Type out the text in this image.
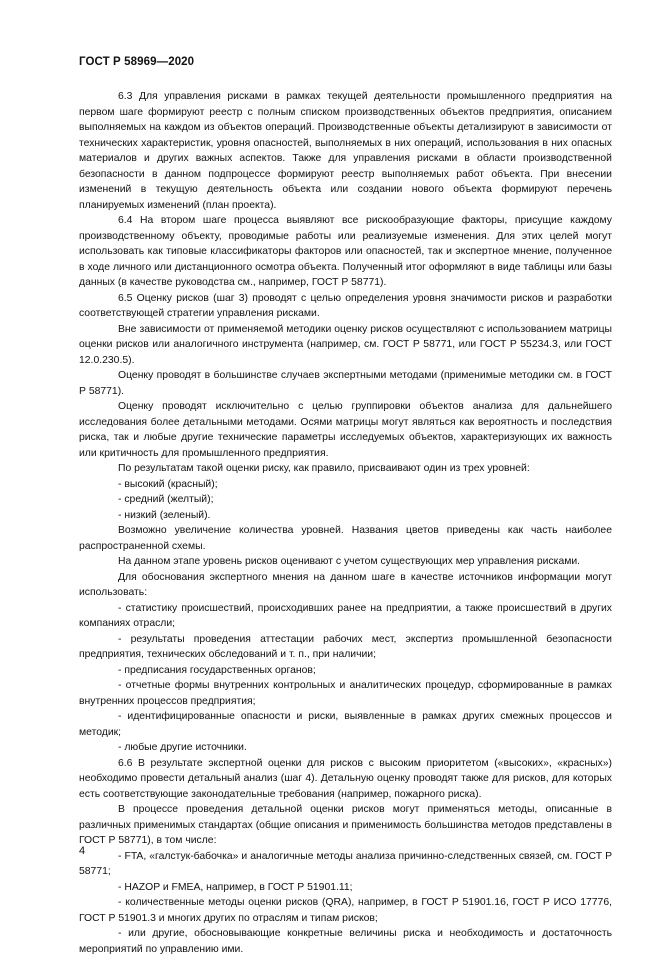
ГОСТ Р 58969—2020

6.3 Для управления рисками в рамках текущей деятельности промышленного предприятия на первом шаге формируют реестр с полным списком производственных объектов предприятия, описанием выполняемых на каждом из объектов операций. Производственные объекты детализируют в зависимости от технических характеристик, уровня опасностей, выполняемых в них операций, использования в них опасных материалов и других важных аспектов. Также для управления рисками в области производственной безопасности в данном подпроцессе формируют реестр выполняемых работ объекта. При внесении изменений в текущую деятельность объекта или создании нового объекта формируют перечень планируемых изменений (план проекта).

6.4 На втором шаге процесса выявляют все рискообразующие факторы, присущие каждому производственному объекту, проводимые работы или реализуемые изменения. Для этих целей могут использовать как типовые классификаторы факторов или опасностей, так и экспертное мнение, полученное в ходе личного или дистанционного осмотра объекта. Полученный итог оформляют в виде таблицы или базы данных (в качестве руководства см., например, ГОСТ Р 58771).

6.5 Оценку рисков (шаг 3) проводят с целью определения уровня значимости рисков и разработки соответствующей стратегии управления рисками.

Вне зависимости от применяемой методики оценку рисков осуществляют с использованием матрицы оценки рисков или аналогичного инструмента (например, см. ГОСТ Р 58771, или ГОСТ Р 55234.3, или ГОСТ 12.0.230.5).

Оценку проводят в большинстве случаев экспертными методами (применимые методики см. в ГОСТ Р 58771).

Оценку проводят исключительно с целью группировки объектов анализа для дальнейшего исследования более детальными методами. Осями матрицы могут являться как вероятность и последствия риска, так и любые другие технические параметры исследуемых объектов, характеризующих их важность или критичность для промышленного предприятия.

По результатам такой оценки риску, как правило, присваивают один из трех уровней:

- высокий (красный);

- средний (желтый);

- низкий (зеленый).

Возможно увеличение количества уровней. Названия цветов приведены как часть наиболее распространенной схемы.

На данном этапе уровень рисков оценивают с учетом существующих мер управления рисками.

Для обоснования экспертного мнения на данном шаге в качестве источников информации могут использовать:

- статистику происшествий, происходивших ранее на предприятии, а также происшествий в других компаниях отрасли;

- результаты проведения аттестации рабочих мест, экспертиз промышленной безопасности предприятия, технических обследований и т. п., при наличии;

- предписания государственных органов;

- отчетные формы внутренних контрольных и аналитических процедур, сформированные в рамках внутренних процессов предприятия;

- идентифицированные опасности и риски, выявленные в рамках других смежных процессов и методик;

- любые другие источники.

6.6 В результате экспертной оценки для рисков с высоким приоритетом («высоких», «красных») необходимо провести детальный анализ (шаг 4). Детальную оценку проводят также для рисков, для которых есть соответствующие законодательные требования (например, пожарного риска).

В процессе проведения детальной оценки рисков могут применяться методы, описанные в различных применимых стандартах (общие описания и применимость большинства методов представлены в ГОСТ Р 58771), в том числе:

- FTA, «галстук-бабочка» и аналогичные методы анализа причинно-следственных связей, см. ГОСТ Р 58771;

- HAZOP и FMEA, например, в ГОСТ Р 51901.11;

- количественные методы оценки рисков (QRA), например, в ГОСТ Р 51901.16, ГОСТ Р ИСО 17776, ГОСТ Р 51901.3 и многих других по отраслям и типам рисков;

- или другие, обосновывающие конкретные величины риска и необходимость и достаточность мероприятий по управлению ими.

4
